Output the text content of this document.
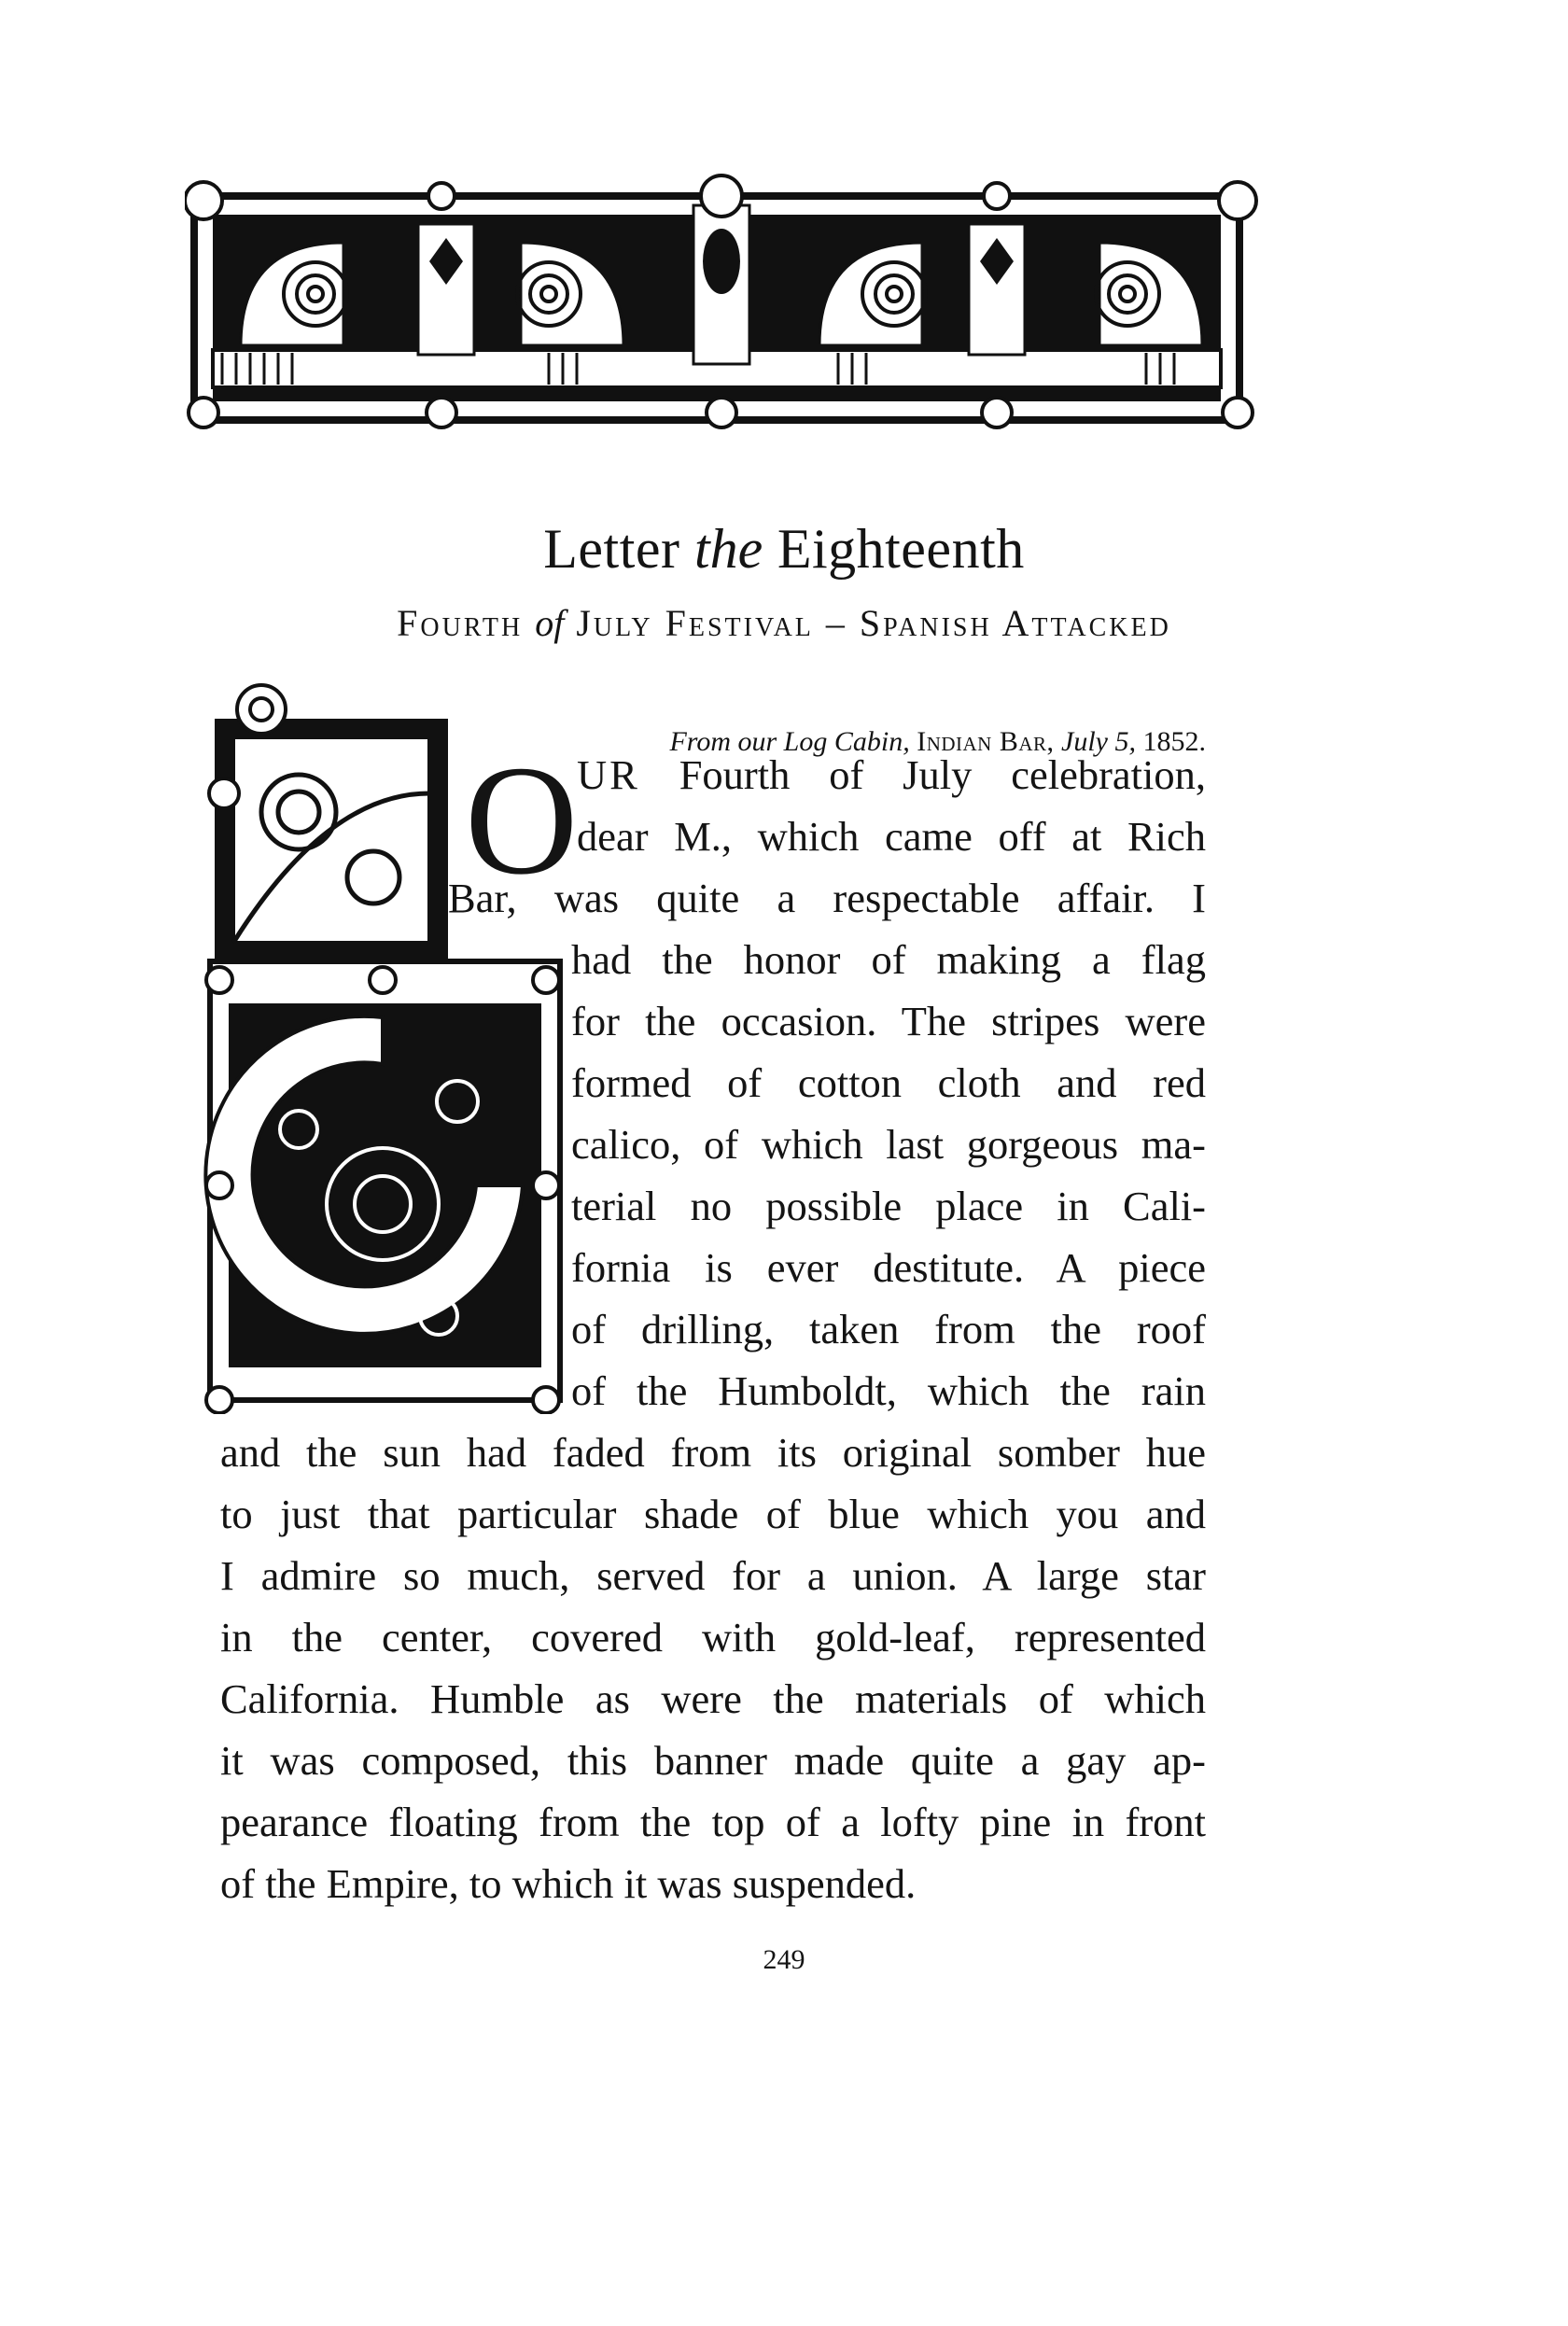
Letter the Eighteenth
Fourth of July Festival – Spanish Attacked
From our Log Cabin, Indian Bar, July 5, 1852.
O
UR Fourth of July celebration,
dear M., which came off at Rich
Bar, was quite a respectable affair. I
had the honor of making a flag
for the occasion. The stripes were
formed of cotton cloth and red
calico, of which last gorgeous ma-
terial no possible place in Cali-
fornia is ever destitute. A piece
of drilling, taken from the roof
of the Humboldt, which the rain
and the sun had faded from its original somber hue
to just that particular shade of blue which you and
I admire so much, served for a union. A large star
in the center, covered with gold-leaf, represented
California. Humble as were the materials of which
it was composed, this banner made quite a gay ap-
pearance floating from the top of a lofty pine in front
of the Empire, to which it was suspended.
249
